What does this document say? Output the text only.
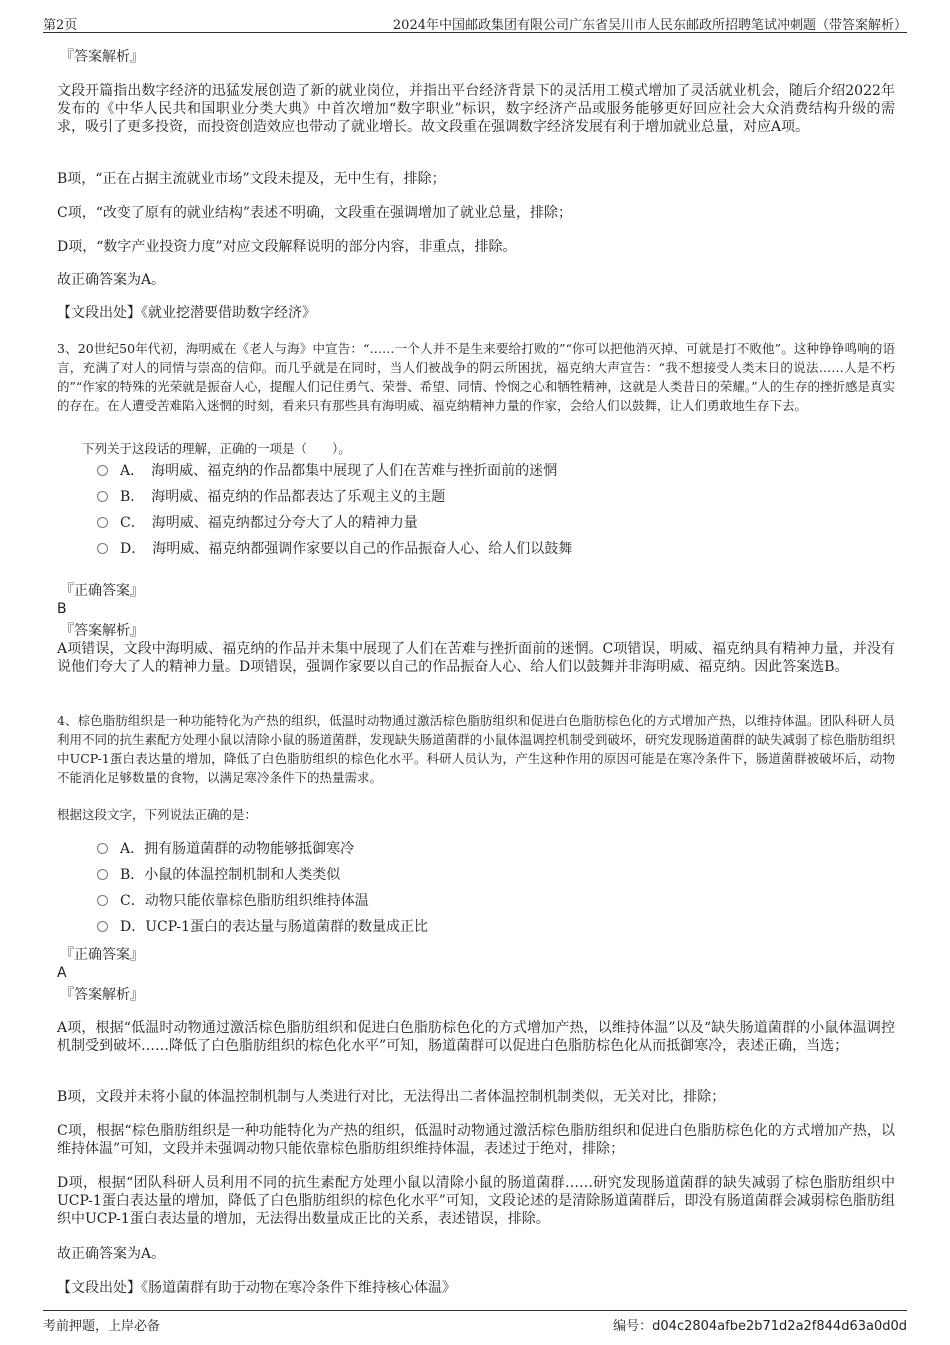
第2页	2024年中国邮政集团有限公司广东省吴川市人民东邮政所招聘笔试冲刺题（带答案解析）
『答案解析』
文段开篇指出数字经济的迅猛发展创造了新的就业岗位，并指出平台经济背景下的灵活用工模式增加了灵活就业机会，随后介绍2022年发布的《中华人民共和国职业分类大典》中首次增加“数字职业”标识，数字经济产品或服务能够更好回应社会大众消费结构升级的需求，吸引了更多投资，而投资创造效应也带动了就业增长。故文段重在强调数字经济发展有利于增加就业总量，对应A项。
B项，“正在占据主流就业市场”文段未提及，无中生有，排除；
C项，“改变了原有的就业结构”表述不明确，文段重在强调增加了就业总量，排除；
D项，“数字产业投资力度”对应文段解释说明的部分内容，非重点，排除。
故正确答案为A。
【文段出处】《就业挖潜要借助数字经济》
3、20世纪50年代初，海明威在《老人与海》中宣告：“……一个人并不是生来要给打败的”“你可以把他消灭掉、可就是打不败他”。这种铮铮鸣响的语言，充满了对人的同情与崇高的信仰。而几乎就是在同时，当人们被战争的阴云所困扰，福克纳大声宣告：“我不想接受人类末日的说法……人是不朽的”“作家的特殊的光荣就是振奋人心，提醒人们记住勇气、荣誉、希望、同情、怜悯之心和牺牲精神，这就是人类昔日的荣耀。”人的生存的挫折感是真实的存在。在人遭受苦难陷入迷惘的时刻，看来只有那些具有海明威、福克纳精神力量的作家，会给人们以鼓舞，让人们勇敢地生存下去。
下列关于这段话的理解，正确的一项是（　　）。
A．　海明威、福克纳的作品都集中展现了人们在苦难与挫折面前的迷惘
B．　海明威、福克纳的作品都表达了乐观主义的主题
C．　海明威、福克纳都过分夸大了人的精神力量
D．　海明威、福克纳都强调作家要以自己的作品振奋人心、给人们以鼓舞
『正确答案』
B
『答案解析』
A项错误，文段中海明威、福克纳的作品并未集中展现了人们在苦难与挫折面前的迷惘。C项错误，明威、福克纳具有精神力量，并没有说他们夸大了人的精神力量。D项错误，强调作家要以自己的作品振奋人心、给人们以鼓舞并非海明威、福克纳。因此答案选B。
4、棕色脂肪组织是一种功能特化为产热的组织，低温时动物通过激活棕色脂肪组织和促进白色脂肪棕色化的方式增加产热，以维持体温。团队科研人员利用不同的抗生素配方处理小鼠以清除小鼠的肠道菌群，发现缺失肠道菌群的小鼠体温调控机制受到破坏，研究发现肠道菌群的缺失减弱了棕色脂肪组织中UCP-1蛋白表达量的增加，降低了白色脂肪组织的棕色化水平。科研人员认为，产生这种作用的原因可能是在寒冷条件下，肠道菌群被破坏后，动物不能消化足够数量的食物，以满足寒冷条件下的热量需求。
根据这段文字，下列说法正确的是：
A．拥有肠道菌群的动物能够抵御寒冷
B．小鼠的体温控制机制和人类类似
C．动物只能依靠棕色脂肪组织维持体温
D．UCP-1蛋白的表达量与肠道菌群的数量成正比
『正确答案』
A
『答案解析』
A项，根据“低温时动物通过激活棕色脂肪组织和促进白色脂肪棕色化的方式增加产热，以维持体温”以及“缺失肠道菌群的小鼠体温调控机制受到破坏……降低了白色脂肪组织的棕色化水平”可知，肠道菌群可以促进白色脂肪棕色化从而抵御寒冷，表述正确，当选；
B项，文段并未将小鼠的体温控制机制与人类进行对比，无法得出二者体温控制机制类似，无关对比，排除；
C项，根据“棕色脂肪组织是一种功能特化为产热的组织，低温时动物通过激活棕色脂肪组织和促进白色脂肪棕色化的方式增加产热，以维持体温”可知，文段并未强调动物只能依靠棕色脂肪组织维持体温，表述过于绝对，排除；
D项，根据“团队科研人员利用不同的抗生素配方处理小鼠以清除小鼠的肠道菌群……研究发现肠道菌群的缺失减弱了棕色脂肪组织中UCP-1蛋白表达量的增加，降低了白色脂肪组织的棕色化水平”可知，文段论述的是清除肠道菌群后，即没有肠道菌群会减弱棕色脂肪组织中UCP-1蛋白表达量的增加，无法得出数量成正比的关系，表述错误，排除。
故正确答案为A。
【文段出处】《肠道菌群有助于动物在寒冷条件下维持核心体温》
考前押题，上岸必备	编号：d04c2804afbe2b71d2a2f844d63a0d0d
